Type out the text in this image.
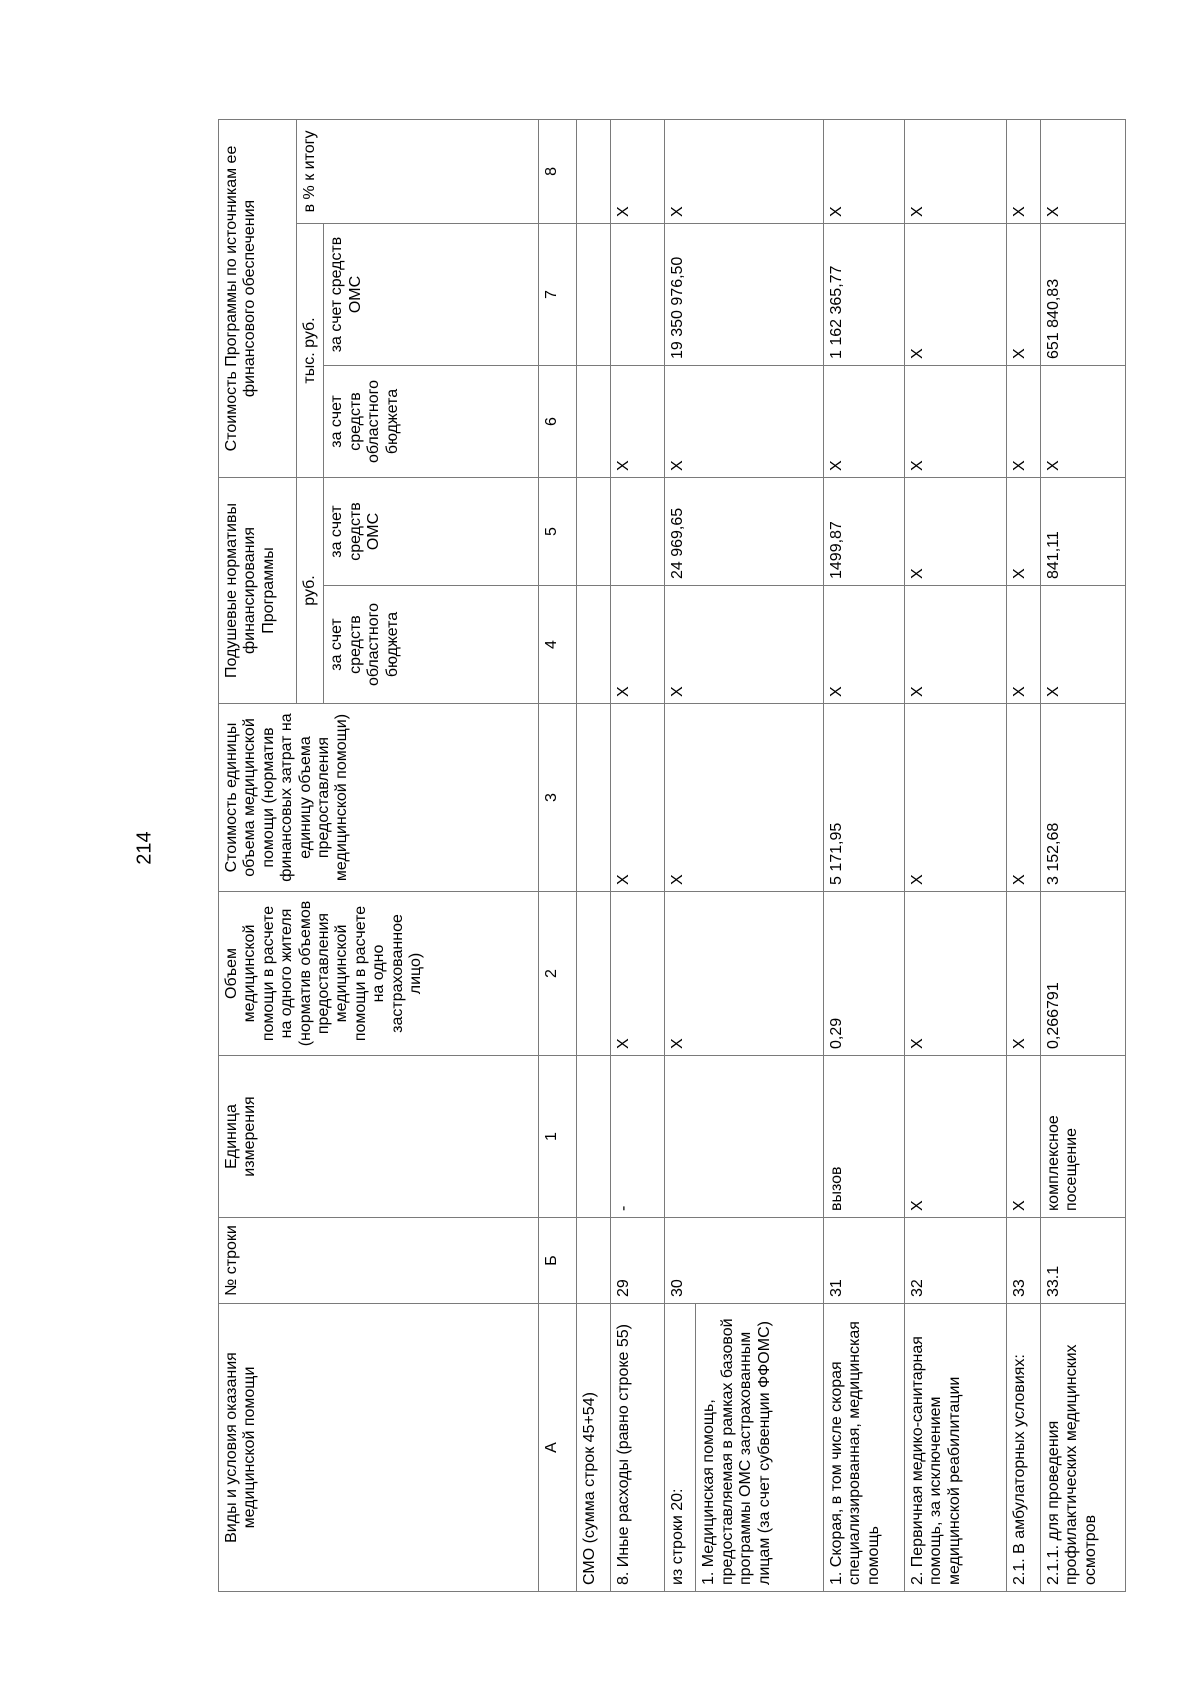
214
Виды и условия оказания медицинской помощи	№ строки	Единица измерения	Объем медицинской помощи в расчете на одного жителя (норматив объемов предоставления медицинской помощи в расчете на одно застрахованное лицо)	Стоимость единицы объема медицинской помощи (норматив финансовых затрат на единицу объема предоставления медицинской помощи)	Подушевые нормативы финансирования Программы		Стоимость Программы по источникам ее финансового обеспечения		
					руб.		тыс. руб.		в % к итогу
					за счет средств областного бюджета	за счет средств ОМС	за счет средств областного бюджета	за счет средств ОМС	
А	Б	1	2	3	4	5	6	7	8
СМО (сумма строк 45+54)									
8. Иные расходы (равно строке 55)	29	-	Х	Х	Х		Х		Х
из строки 20:	30		Х	Х	Х	24 969,65	Х	19 350 976,50	Х
1. Медицинская помощь, предоставляемая в рамках базовой программы ОМС застрахованным лицам (за счет субвенции ФФОМС)									
1. Скорая, в том числе скорая специализированная, медицинская помощь	31	вызов	0,29	5 171,95	Х	1499,87	Х	1 162 365,77	Х
2. Первичная медико-санитарная помощь, за исключением медицинской реабилитации	32	Х	Х	Х	Х	Х	Х	Х	Х
2.1. В амбулаторных условиях:	33	Х	Х	Х	Х	Х	Х	Х	Х
2.1.1. для проведения профилактических медицинских осмотров	33.1	комплексное посещение	0,266791	3 152,68	Х	841,11	Х	651 840,83	Х
